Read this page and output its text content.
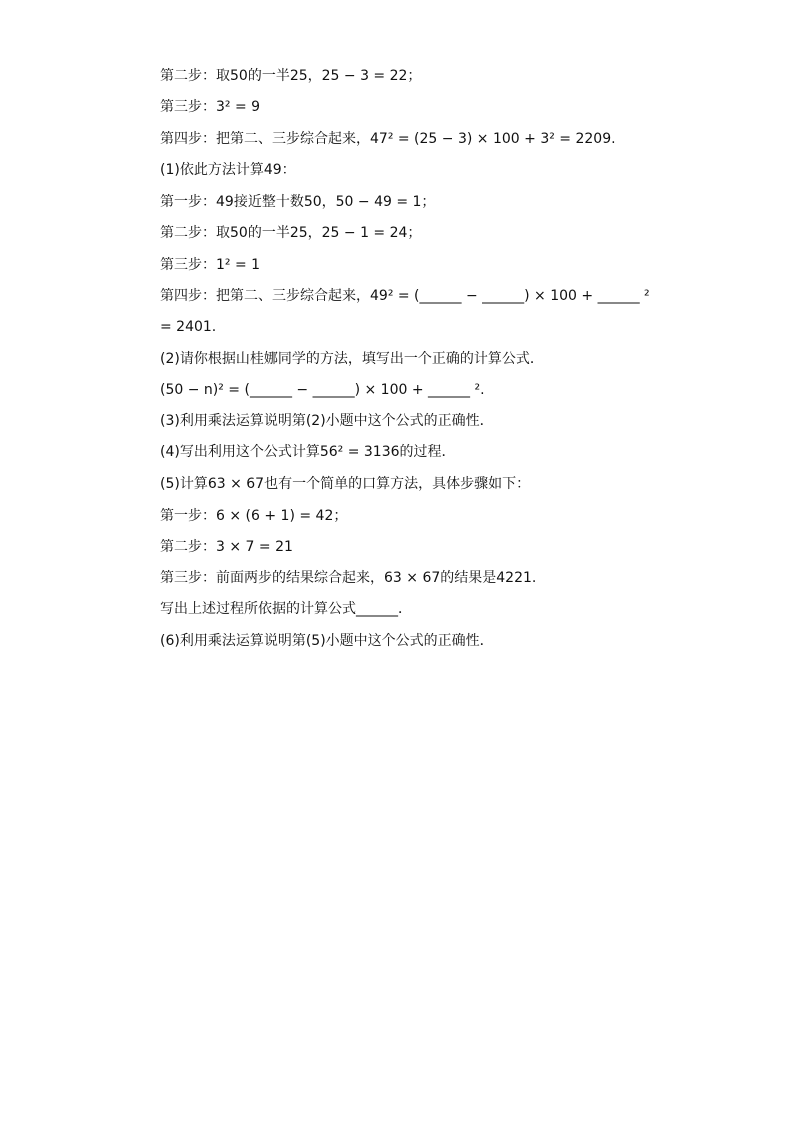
第二步：取50的一半25，25 − 3 = 22；
第三步：3² = 9
第四步：把第二、三步综合起来，47² = (25 − 3) × 100 + 3² = 2209.
(1)依此方法计算49：
第一步：49接近整十数50，50 − 49 = 1；
第二步：取50的一半25，25 − 1 = 24；
第三步：1² = 1
第四步：把第二、三步综合起来，49² = (______ − ______) × 100 + ______ ²
= 2401.
(2)请你根据山桂娜同学的方法，填写出一个正确的计算公式．
(50 − n)² = (______ − ______) × 100 + ______ ².
(3)利用乘法运算说明第(2)小题中这个公式的正确性．
(4)写出利用这个公式计算56² = 3136的过程．
(5)计算63 × 67也有一个简单的口算方法，具体步骤如下：
第一步：6 × (6 + 1) = 42；
第二步：3 × 7 = 21
第三步：前面两步的结果综合起来，63 × 67的结果是4221.
写出上述过程所依据的计算公式______．
(6)利用乘法运算说明第(5)小题中这个公式的正确性．
